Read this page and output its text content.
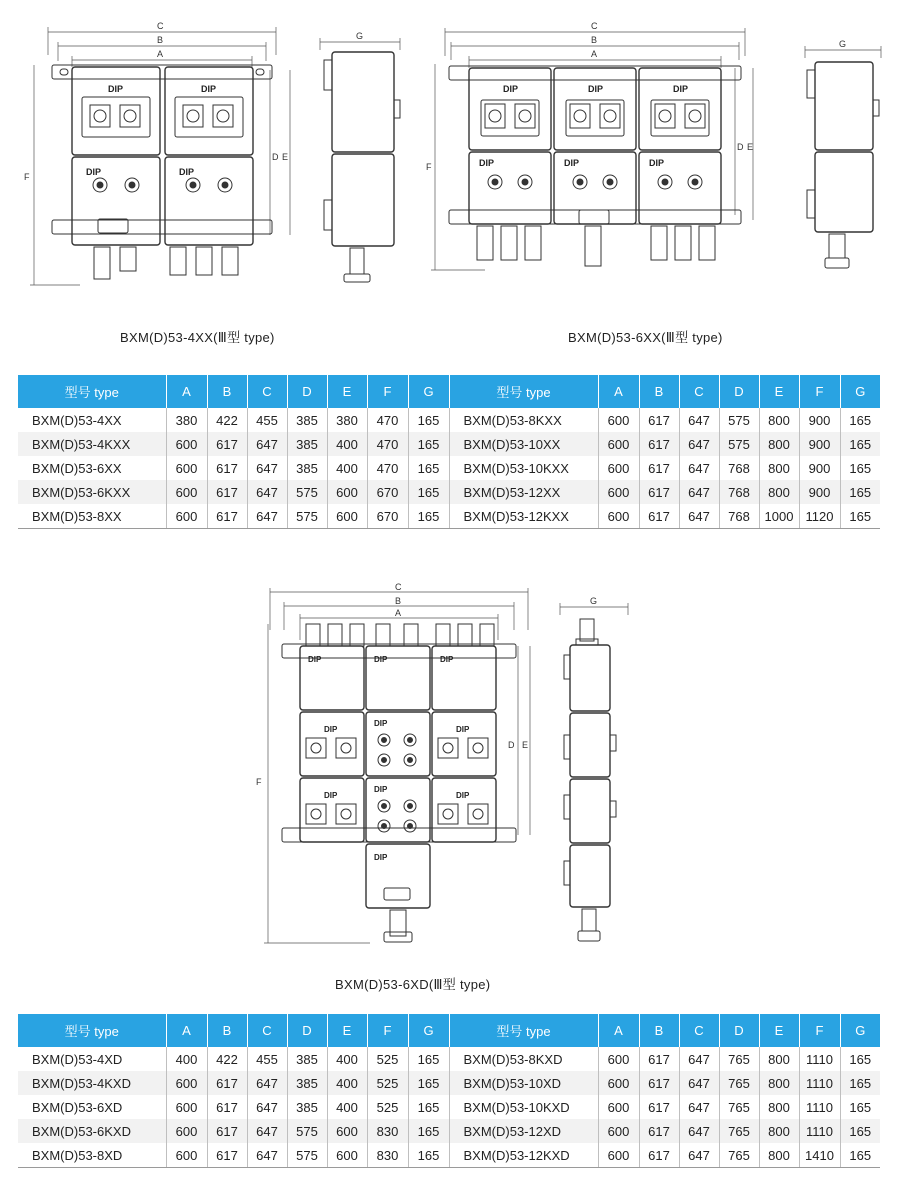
C
B
A
F
D E
DIP	DIP
DIP	DIP
G
C
B
A
F
D E
DIP	DIP	DIP
DIP	DIP	DIP
G
BXM(D)53-4XX(Ⅲ型 type)	BXM(D)53-6XX(Ⅲ型 type)
型号 type	A	B	C	D	E	F	G	型号 type	A	B	C	D	E	F	G
BXM(D)53-4XX	380	422	455	385	380	470	165	BXM(D)53-8KXX	600	617	647	575	800	900	165
BXM(D)53-4KXX	600	617	647	385	400	470	165	BXM(D)53-10XX	600	617	647	575	800	900	165
BXM(D)53-6XX	600	617	647	385	400	470	165	BXM(D)53-10KXX	600	617	647	768	800	900	165
BXM(D)53-6KXX	600	617	647	575	600	670	165	BXM(D)53-12XX	600	617	647	768	800	900	165
BXM(D)53-8XX	600	617	647	575	600	670	165	BXM(D)53-12KXX	600	617	647	768	1000	1120	165
C
B
A
F
D E
DIP	DIP	DIP
DIP
DIP
DIP
DIP
DIP
DIP
DIP
G
BXM(D)53-6XD(Ⅲ型 type)
型号 type	A	B	C	D	E	F	G	型号 type	A	B	C	D	E	F	G
BXM(D)53-4XD	400	422	455	385	400	525	165	BXM(D)53-8KXD	600	617	647	765	800	1110	165
BXM(D)53-4KXD	600	617	647	385	400	525	165	BXM(D)53-10XD	600	617	647	765	800	1110	165
BXM(D)53-6XD	600	617	647	385	400	525	165	BXM(D)53-10KXD	600	617	647	765	800	1110	165
BXM(D)53-6KXD	600	617	647	575	600	830	165	BXM(D)53-12XD	600	617	647	765	800	1110	165
BXM(D)53-8XD	600	617	647	575	600	830	165	BXM(D)53-12KXD	600	617	647	765	800	1410	165
